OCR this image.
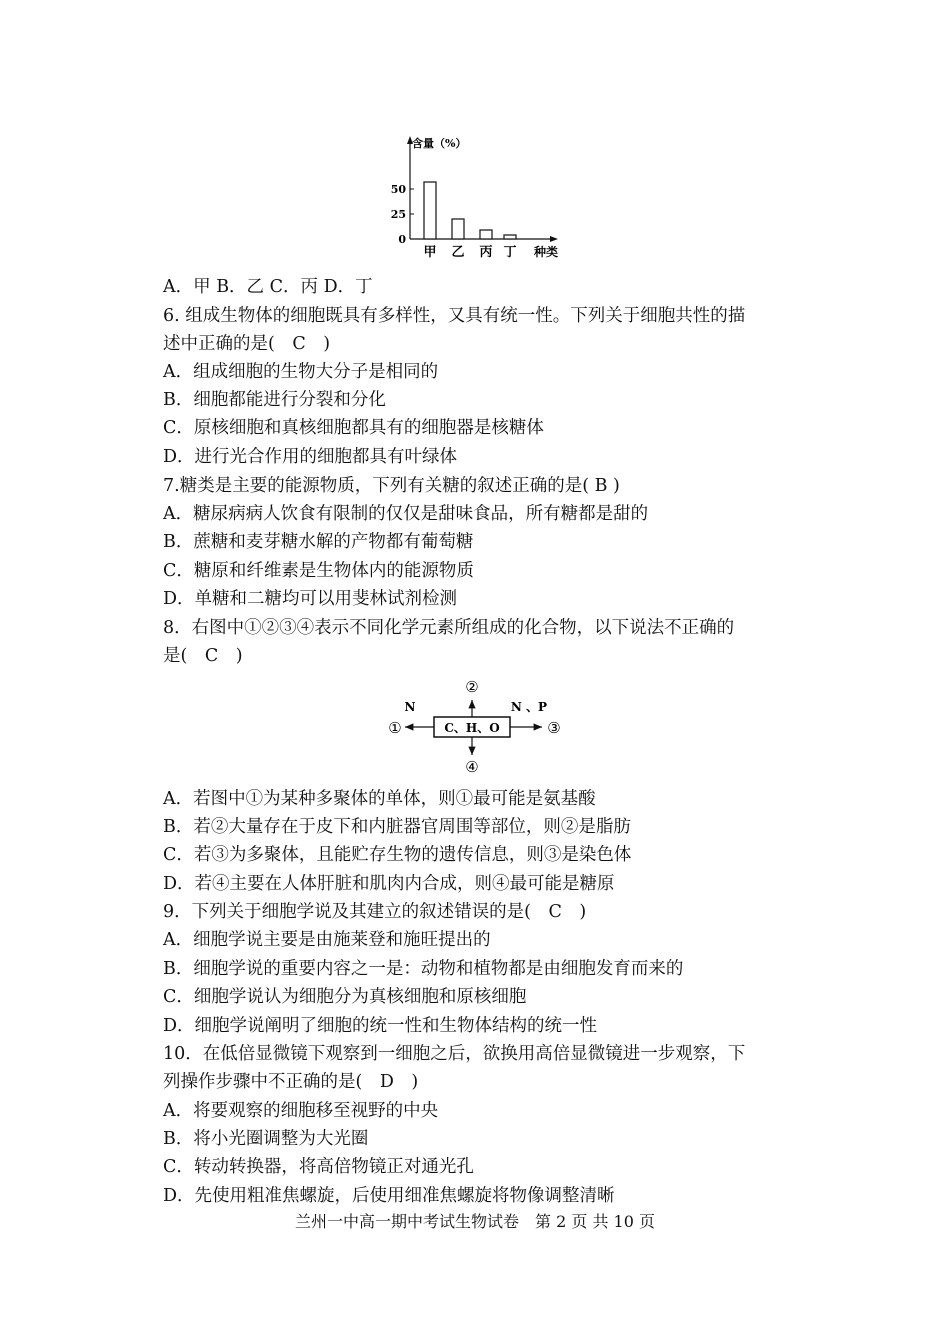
含量（%）
0
25
50
甲 乙 丙 丁 种类
A．甲 B．乙 C．丙 D．丁
6. 组成生物体的细胞既具有多样性，又具有统一性。下列关于细胞共性的描
述中正确的是(　C　)
A．组成细胞的生物大分子是相同的
B．细胞都能进行分裂和分化
C．原核细胞和真核细胞都具有的细胞器是核糖体
D．进行光合作用的细胞都具有叶绿体
7.糖类是主要的能源物质，下列有关糖的叙述正确的是( B )
A．糖尿病病人饮食有限制的仅仅是甜味食品，所有糖都是甜的
B．蔗糖和麦芽糖水解的产物都有葡萄糖
C．糖原和纤维素是生物体内的能源物质
D．单糖和二糖均可以用斐林试剂检测
8．右图中①②③④表示不同化学元素所组成的化合物，以下说法不正确的
是(　C　)
C、H、O
②
④
①	③
N	N 、P
A．若图中①为某种多聚体的单体，则①最可能是氨基酸
B．若②大量存在于皮下和内脏器官周围等部位，则②是脂肪
C．若③为多聚体，且能贮存生物的遗传信息，则③是染色体
D．若④主要在人体肝脏和肌肉内合成，则④最可能是糖原
9．下列关于细胞学说及其建立的叙述错误的是(　C　)
A．细胞学说主要是由施莱登和施旺提出的
B．细胞学说的重要内容之一是：动物和植物都是由细胞发育而来的
C．细胞学说认为细胞分为真核细胞和原核细胞
D．细胞学说阐明了细胞的统一性和生物体结构的统一性
10．在低倍显微镜下观察到一细胞之后，欲换用高倍显微镜进一步观察，下
列操作步骤中不正确的是(　D　)
A．将要观察的细胞移至视野的中央
B．将小光圈调整为大光圈
C．转动转换器，将高倍物镜正对通光孔
D．先使用粗准焦螺旋，后使用细准焦螺旋将物像调整清晰
兰州一中高一期中考试生物试卷　第 2 页 共 10 页
